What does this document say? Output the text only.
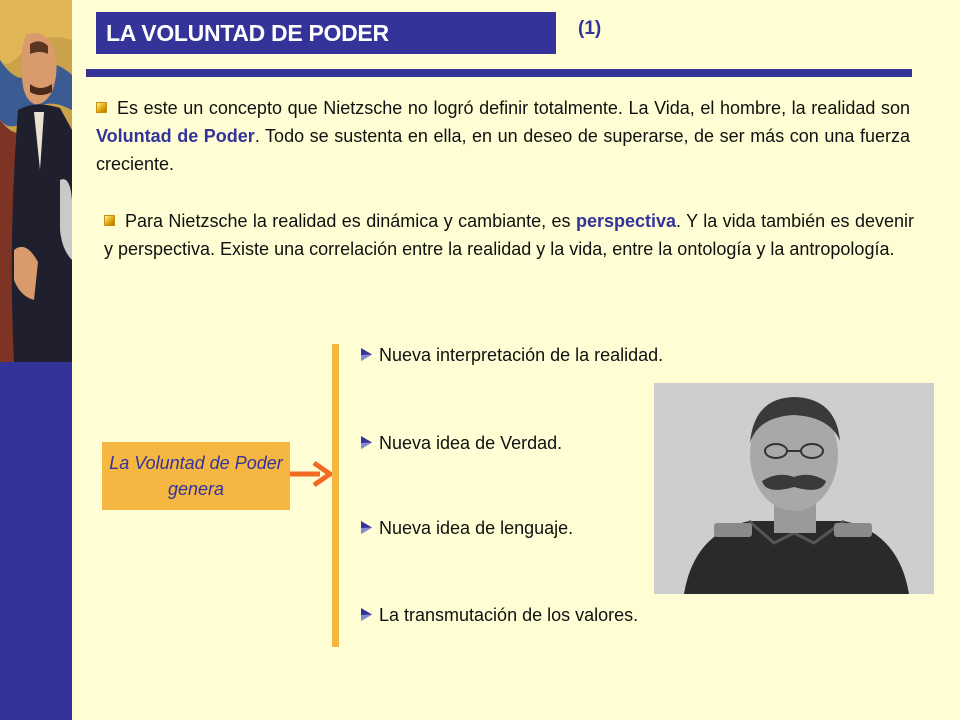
LA VOLUNTAD DE PODER	(1)
Es este un concepto que Nietzsche no logró definir totalmente. La Vida, el hombre, la realidad son Voluntad de Poder. Todo se sustenta en ella, en un deseo de superarse, de ser más con una fuerza creciente.
Para Nietzsche la realidad es dinámica y cambiante, es perspectiva. Y la vida también es devenir y perspectiva. Existe una correlación entre la realidad y la vida, entre la ontología y la antropología.
La Voluntad de Poder genera
Nueva interpretación de la realidad.
Nueva idea de Verdad.
Nueva idea de lenguaje.
La transmutación de los valores.
